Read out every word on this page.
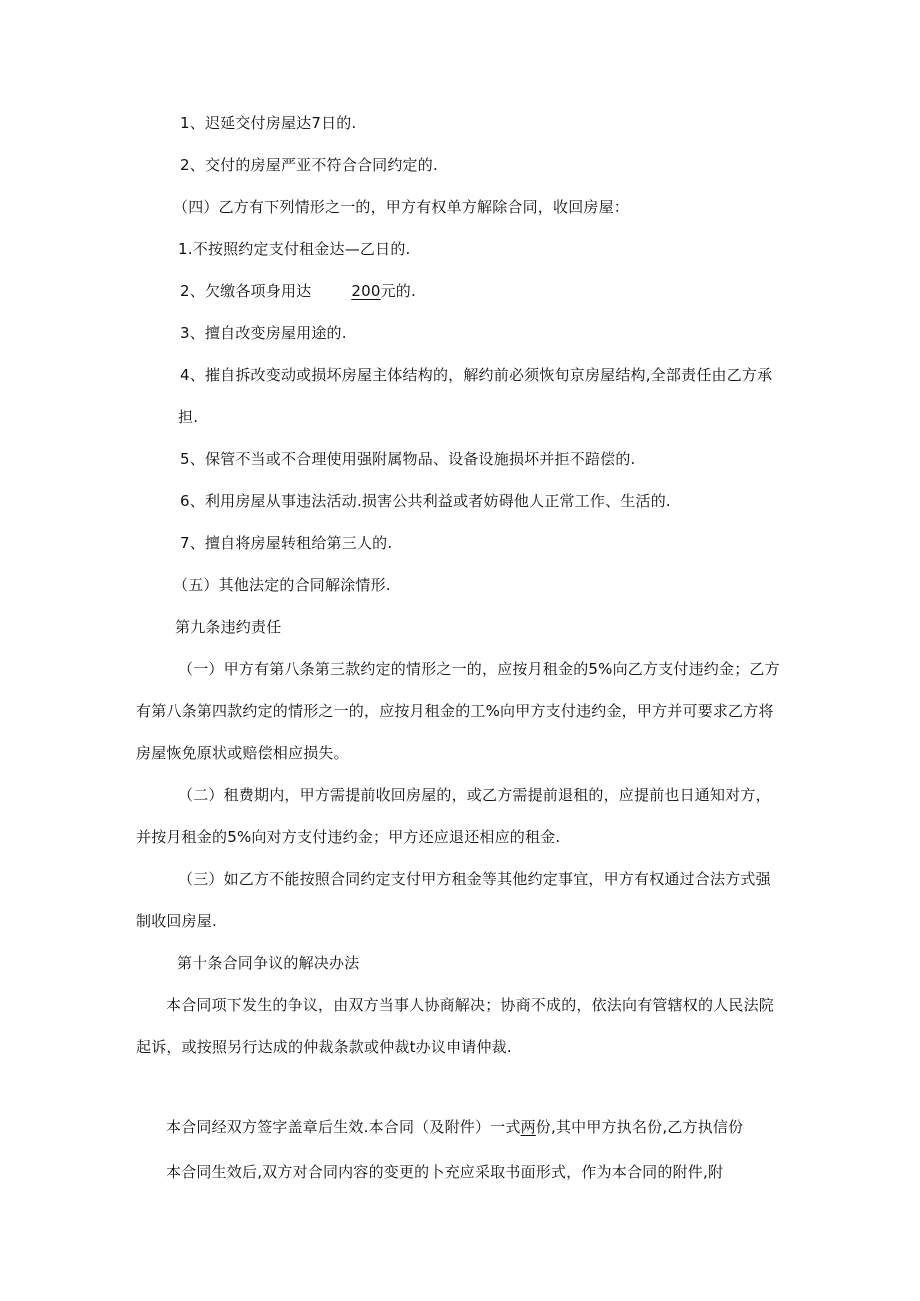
1、迟延交付房屋达7日的.
2、交付的房屋严亚不符合合同约定的.
（四）乙方有下列情形之一的，甲方有权单方解除合同，收回房屋：
1.不按照约定支付租金达—乙日的.
2、欠缴各项身用达	200元的.
3、擅自改变房屋用途的.
4、摧自拆改变动或损坏房屋主体结构的，解约前必须恢旬京房屋结构,全部责任由乙方承
担.
5、保管不当或不合理使用强附属物品、设备设施损坏并拒不踣偿的.
6、利用房屋从事违法活动.损害公共利益或者妨碍他人正常工作、生活的.
7、擅自将房屋转租给第三人的.
（五）其他法定的合同解涂情形.
第九条违约责任
（一）甲方有第八条第三款约定的情形之一的，应按月租金的5%向乙方支付违约金；乙方
有第八条第四款约定的情形之一的，应按月租金的工%向甲方支付违约金，甲方并可要求乙方将
房屋恢免原状或赔偿相应损失。
（二）租费期内，甲方需提前收回房屋的，或乙方需提前退租的，应提前也日通知对方，
并按月租金的5%向对方支付违约金；甲方还应退还相应的租金.
（三）如乙方不能按照合同约定支付甲方租金等其他约定事宜，甲方有权通过合法方式强
制收回房屋.
第十条合同争议的解决办法
本合同项下发生的争议，由双方当事人协商解决；协商不成的，依法向有管辖权的人民法院
起诉，或按照另行达成的仲裁条款或仲裁t办议申请仲裁.
本合同经双方签字盖章后生效.本合同（及附件）一式两份,其中甲方执名份,乙方执信份
本合同生效后,双方对合同内容的变更的卜充应采取书面形式，作为本合同的附件,附
